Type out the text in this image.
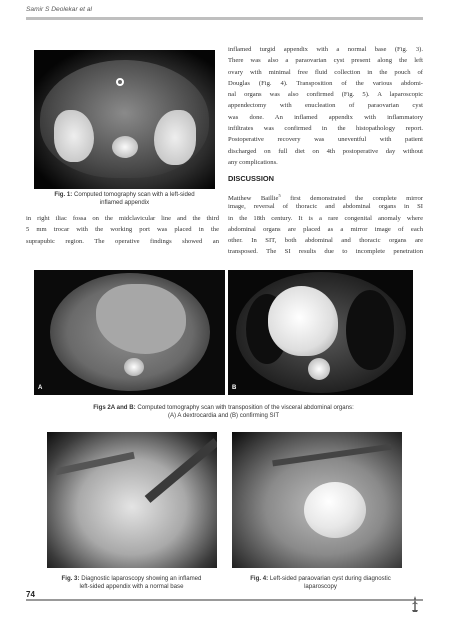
Samir S Deolekar et al
Fig. 1: Computed tomography scan with a left-sided
inflamed appendix
in right iliac fossa on the midclavicular line and the third
5 mm trocar with the working port was placed in the
suprapubic region. The operative findings showed an
inflamed turgid appendix with a normal base (Fig. 3).
There was also a paraovarian cyst present along the left
ovary with minimal free fluid collection in the pouch of
Douglas (Fig. 4). Transposition of the various abdomi-
nal organs was also confirmed (Fig. 5). A laparoscopic
appendectomy with enucleation of paraovarian cyst
was done. An inflamed appendix with inflammatory
infiltrates was confirmed in the histopathology report.
Postoperative recovery was uneventful with patient
discharged on full diet on 4th postoperative day without
any complications.
DISCUSSION
Matthew Baillie$^5$ first demonstrated the complete mirror
image, reversal of thoracic and abdominal organs in SI
in the 18th century. It is a rare congenital anomaly where
abdominal organs are placed as a mirror image of each
other. In SIT, both abdominal and thoracic organs are
transposed. The SI results due to incomplete penetration
A	B
Figs 2A and B: Computed tomography scan with transposition of the visceral abdominal organs:
(A) A dextrocardia and (B) confirming SIT
Fig. 3: Diagnostic laparoscopy showing an inflamed
left-sided appendix with a normal base
Fig. 4: Left-sided paraovarian cyst during diagnostic
laparoscopy
74
